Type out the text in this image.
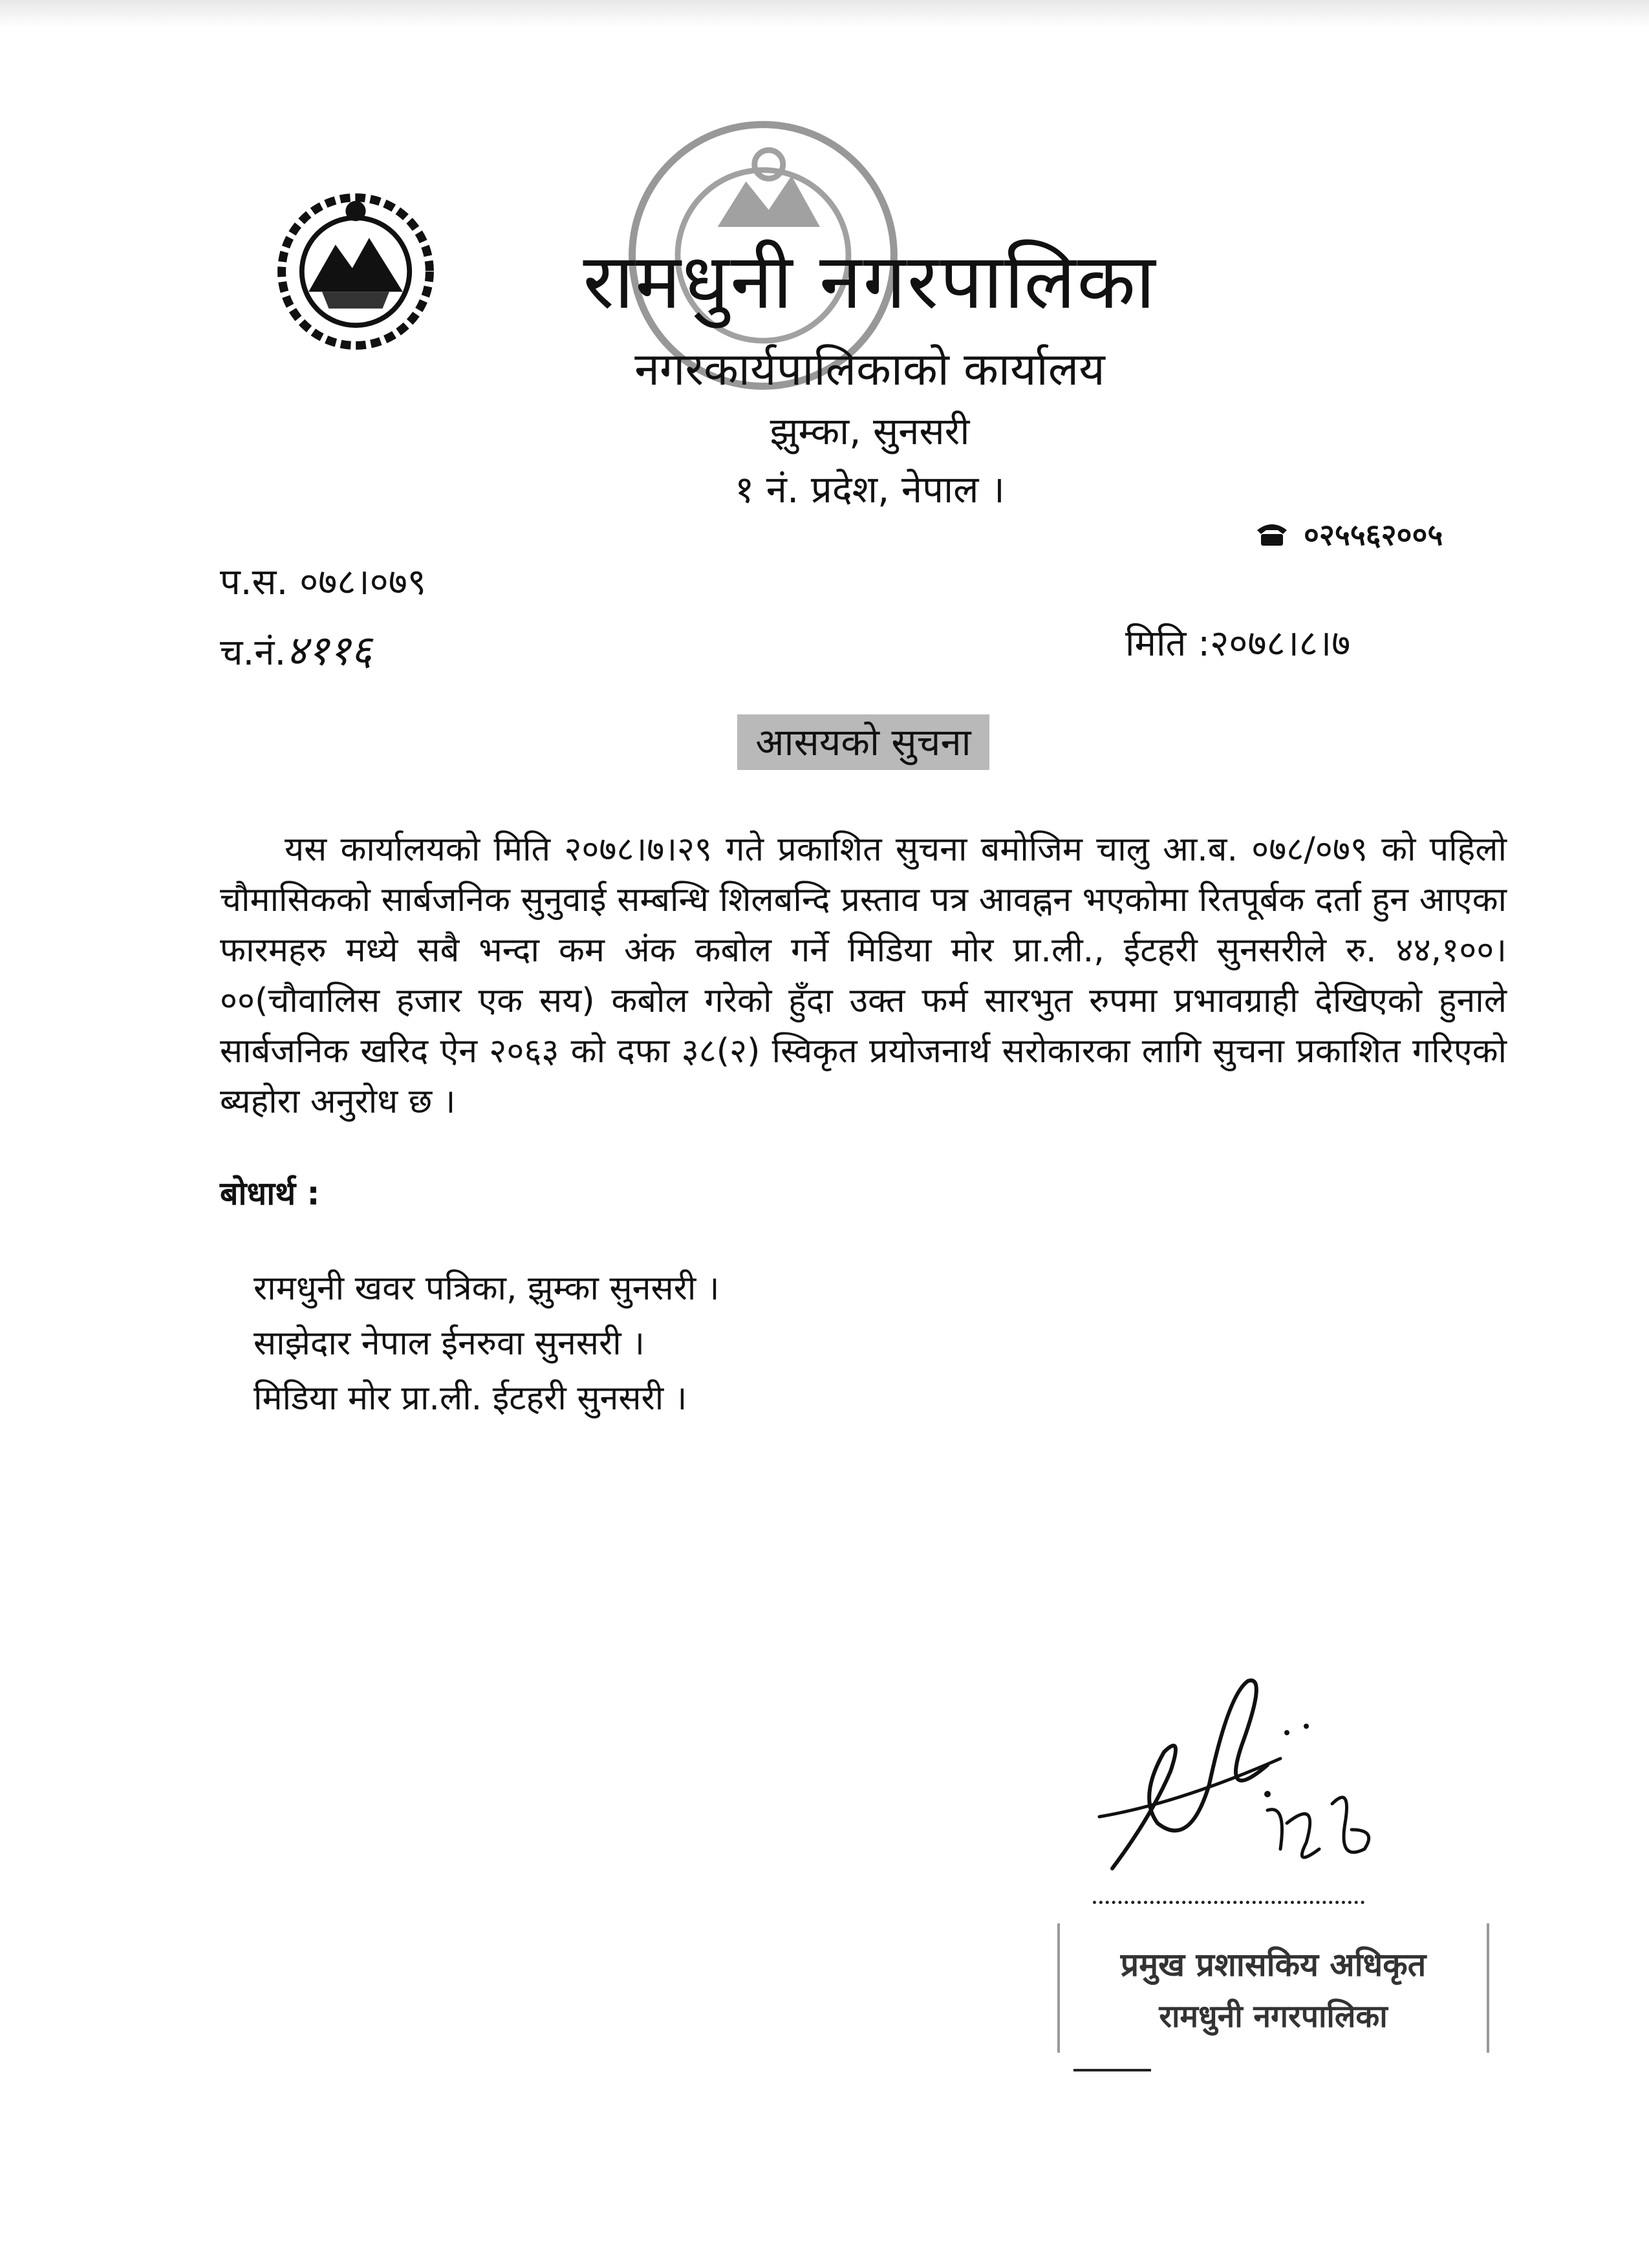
रामधुनी नगरपालिका
नगरकार्यपालिकाको कार्यालय
झुम्का, सुनसरी
१ नं. प्रदेश, नेपाल ।
०२५५६२००५
प.स. ०७८।०७९
च.नं.४११६	मिति :२०७८।८।७
आसयको सुचना
यस कार्यालयको मिति २०७८।७।२९ गते प्रकाशित सुचना बमोजिम चालु आ.ब. ०७८/०७९ को पहिलो चौमासिकको सार्बजनिक सुनुवाई सम्बन्धि शिलबन्दि प्रस्ताव पत्र आवह्नन भएकोमा रितपूर्बक दर्ता हुन आएका फारमहरु मध्ये सबै भन्दा कम अंक कबोल गर्ने मिडिया मोर प्रा.ली., ईटहरी सुनसरीले रु. ४४,१००।००(चौवालिस हजार एक सय) कबोल गरेको हुँदा उक्त फर्म सारभुत रुपमा प्रभावग्राही देखिएको हुनाले सार्बजनिक खरिद ऐन २०६३ को दफा ३८(२) स्विकृत प्रयोजनार्थ सरोकारका लागि सुचना प्रकाशित गरिएको ब्यहोरा अनुरोध छ ।
बोधार्थ :
रामधुनी खवर पत्रिका, झुम्का सुनसरी ।
साझेदार नेपाल ईनरुवा सुनसरी ।
मिडिया मोर प्रा.ली. ईटहरी सुनसरी ।
प्रमुख प्रशासकिय अधिकृत
रामधुनी नगरपालिका
